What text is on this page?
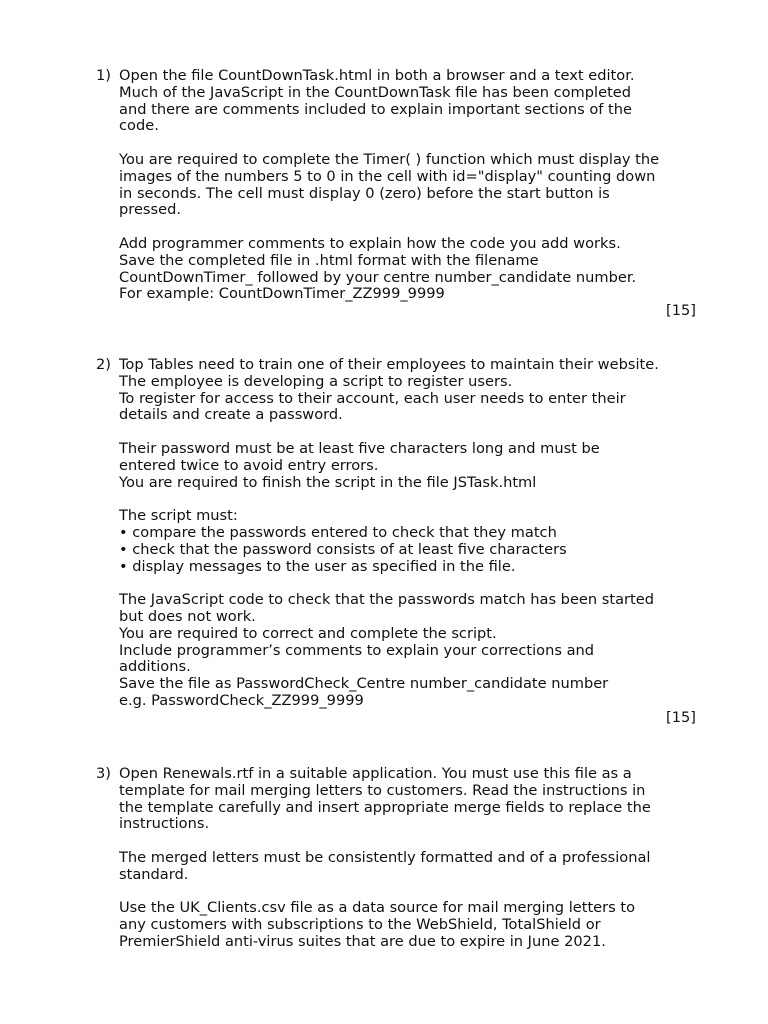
1) Open the file CountDownTask.html in both a browser and a text editor.
Much of the JavaScript in the CountDownTask file has been completed
and there are comments included to explain important sections of the
code.

You are required to complete the Timer( ) function which must display the
images of the numbers 5 to 0 in the cell with id="display" counting down
in seconds. The cell must display 0 (zero) before the start button is
pressed.

Add programmer comments to explain how the code you add works.
Save the completed file in .html format with the filename
CountDownTimer_ followed by your centre number_candidate number.
For example: CountDownTimer_ZZ999_9999

[15]
2) Top Tables need to train one of their employees to maintain their website.
The employee is developing a script to register users.
To register for access to their account, each user needs to enter their
details and create a password.

Their password must be at least five characters long and must be
entered twice to avoid entry errors.
You are required to finish the script in the file JSTask.html

The script must:
• compare the passwords entered to check that they match
• check that the password consists of at least five characters
• display messages to the user as specified in the file.

The JavaScript code to check that the passwords match has been started
but does not work.
You are required to correct and complete the script.
Include programmer’s comments to explain your corrections and
additions.
Save the file as PasswordCheck_Centre number_candidate number
e.g. PasswordCheck_ZZ999_9999

[15]
3) Open Renewals.rtf in a suitable application. You must use this file as a
template for mail merging letters to customers. Read the instructions in
the template carefully and insert appropriate merge fields to replace the
instructions.

The merged letters must be consistently formatted and of a professional
standard.

Use the UK_Clients.csv file as a data source for mail merging letters to
any customers with subscriptions to the WebShield, TotalShield or
PremierShield anti-virus suites that are due to expire in June 2021.
